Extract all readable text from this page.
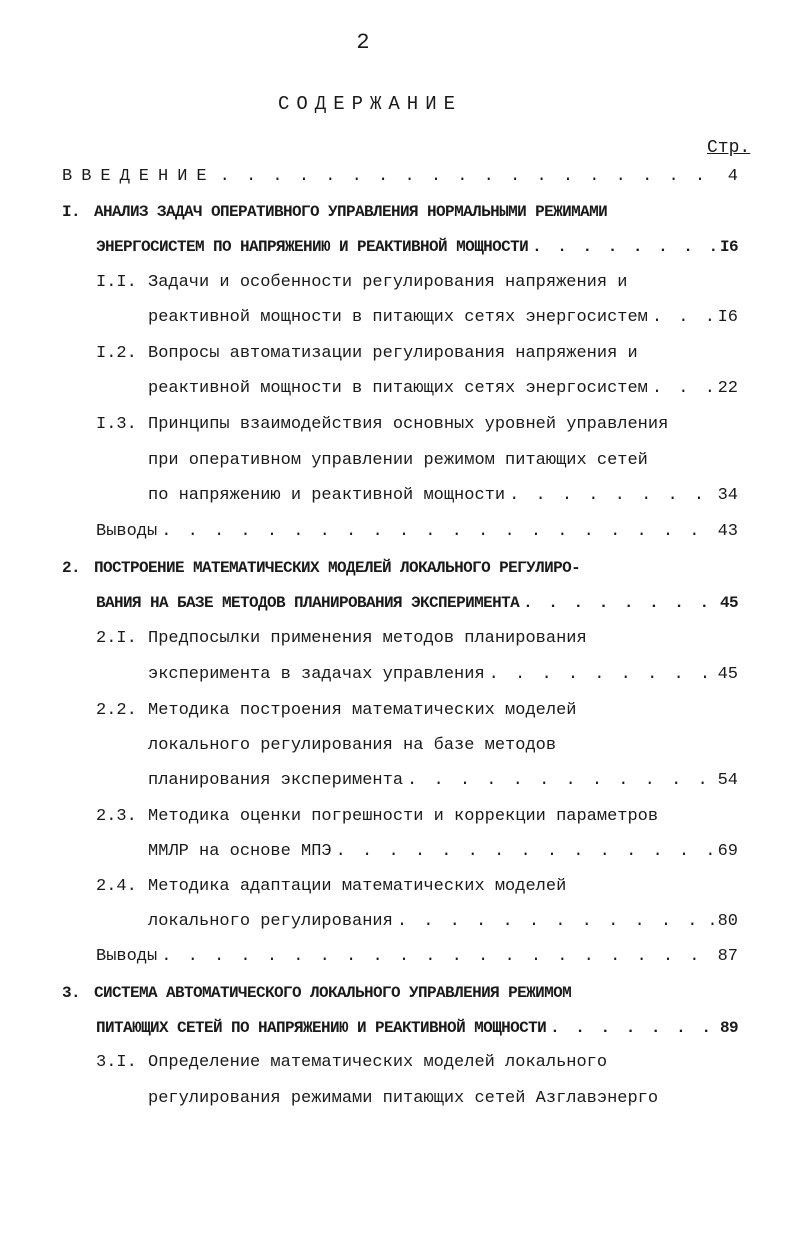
2
СОДЕРЖАНИЕ
Стр.
ВВЕДЕНИЕ . . .	4
I. АНАЛИЗ ЗАДАЧ ОПЕРАТИВНОГО УПРАВЛЕНИЯ НОРМАЛЬНЫМИ РЕЖИМАМИ
ЭНЕРГОСИСТЕМ ПО НАПРЯЖЕНИЮ И РЕАКТИВНОЙ МОЩНОСТИ . . .	I6
I.I. Задачи и особенности регулирования напряжения и
реактивной мощности в питающих сетях энергосистем . . .	I6
I.2. Вопросы автоматизации регулирования напряжения и
реактивной мощности в питающих сетях энергосистем . . .	22
I.3. Принципы взаимодействия основных уровней управления
при оперативном управлении режимом питающих сетей
по напряжению и реактивной мощности . . .	34
Выводы . . .	43
2. ПОСТРОЕНИЕ МАТЕМАТИЧЕСКИХ МОДЕЛЕЙ ЛОКАЛЬНОГО РЕГУЛИРО-
ВАНИЯ НА БАЗЕ МЕТОДОВ ПЛАНИРОВАНИЯ ЭКСПЕРИМЕНТА . . .	45
2.I. Предпосылки применения методов планирования
эксперимента в задачах управления . . .	45
2.2. Методика построения математических моделей
локального регулирования на базе методов
планирования эксперимента . . .	54
2.3. Методика оценки погрешности и коррекции параметров
ММЛР на основе МПЭ . . .	69
2.4. Методика адаптации математических моделей
локального регулирования . . .	.80
Выводы . . .	87
3. СИСТЕМА АВТОМАТИЧЕСКОГО ЛОКАЛЬНОГО УПРАВЛЕНИЯ РЕЖИМОМ
ПИТАЮЩИХ СЕТЕЙ ПО НАПРЯЖЕНИЮ И РЕАКТИВНОЙ МОЩНОСТИ . . .	89
3.I. Определение математических моделей локального
регулирования режимами питающих сетей Азглавэнерго
